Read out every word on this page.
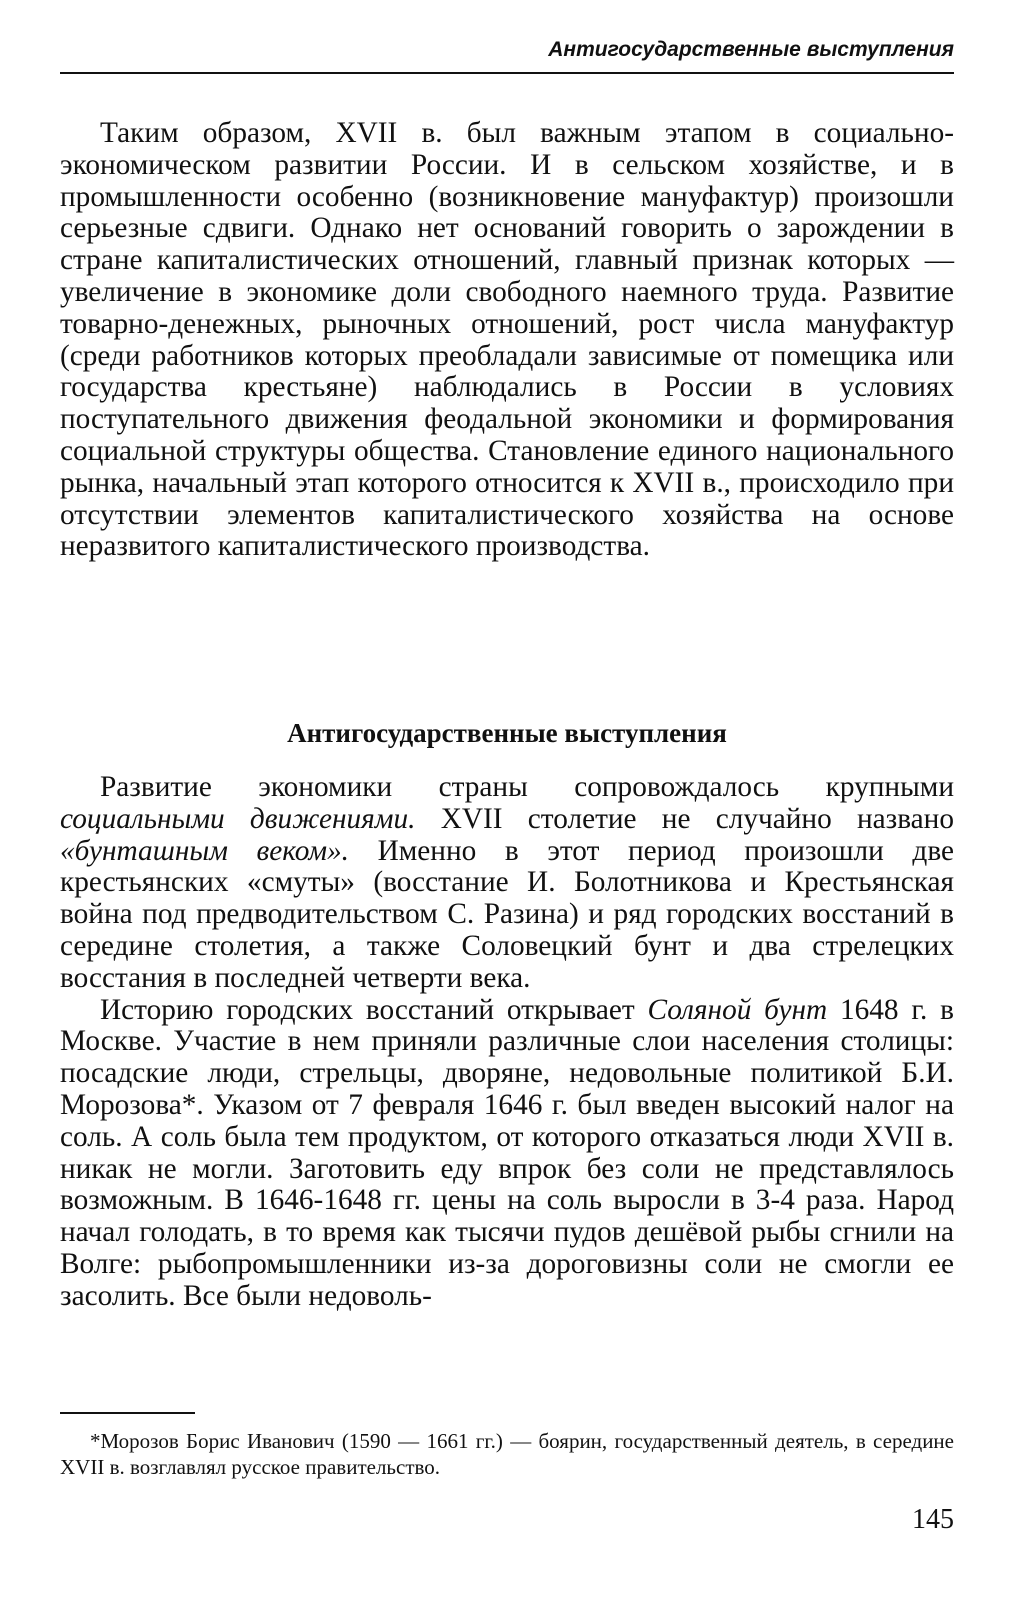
Антигосударственные выступления

Таким образом, XVII в. был важным этапом в социально-экономическом развитии России. И в сельском хозяйстве, и в промышленности особенно (возникновение мануфактур) произошли серьезные сдвиги. Однако нет оснований говорить о зарождении в стране капиталистических отношений, главный признак которых — увеличение в экономике доли свободного наемного труда. Развитие товарно-денежных, рыночных отношений, рост числа мануфактур (среди работников которых преобладали зависимые от помещика или государства крестьяне) наблюдались в России в условиях поступательного движения феодальной экономики и формирования социальной структуры общества. Становление единого национального рынка, начальный этап которого относится к XVII в., происходило при отсутствии элементов капиталистического хозяйства на основе неразвитого капиталистического производства.

Антигосударственные выступления

Развитие экономики страны сопровождалось крупными социальными движениями. XVII столетие не случайно названо «бунташным веком». Именно в этот период произошли две крестьянских «смуты» (восстание И. Болотникова и Крестьянская война под предводительством С. Разина) и ряд городских восстаний в середине столетия, а также Соловецкий бунт и два стрелецких восстания в последней четверти века.

Историю городских восстаний открывает Соляной бунт 1648 г. в Москве. Участие в нем приняли различные слои населения столицы: посадские люди, стрельцы, дворяне, недовольные политикой Б.И. Морозова*. Указом от 7 февраля 1646 г. был введен высокий налог на соль. А соль была тем продуктом, от которого отказаться люди XVII в. никак не могли. Заготовить еду впрок без соли не представлялось возможным. В 1646-1648 гг. цены на соль выросли в 3-4 раза. Народ начал голодать, в то время как тысячи пудов дешёвой рыбы сгнили на Волге: рыбопромышленники из-за дороговизны соли не смогли ее засолить. Все были недоволь-

*Морозов Борис Иванович (1590 — 1661 гг.) — боярин, государственный деятель, в середине XVII в. возглавлял русское правительство.

145
